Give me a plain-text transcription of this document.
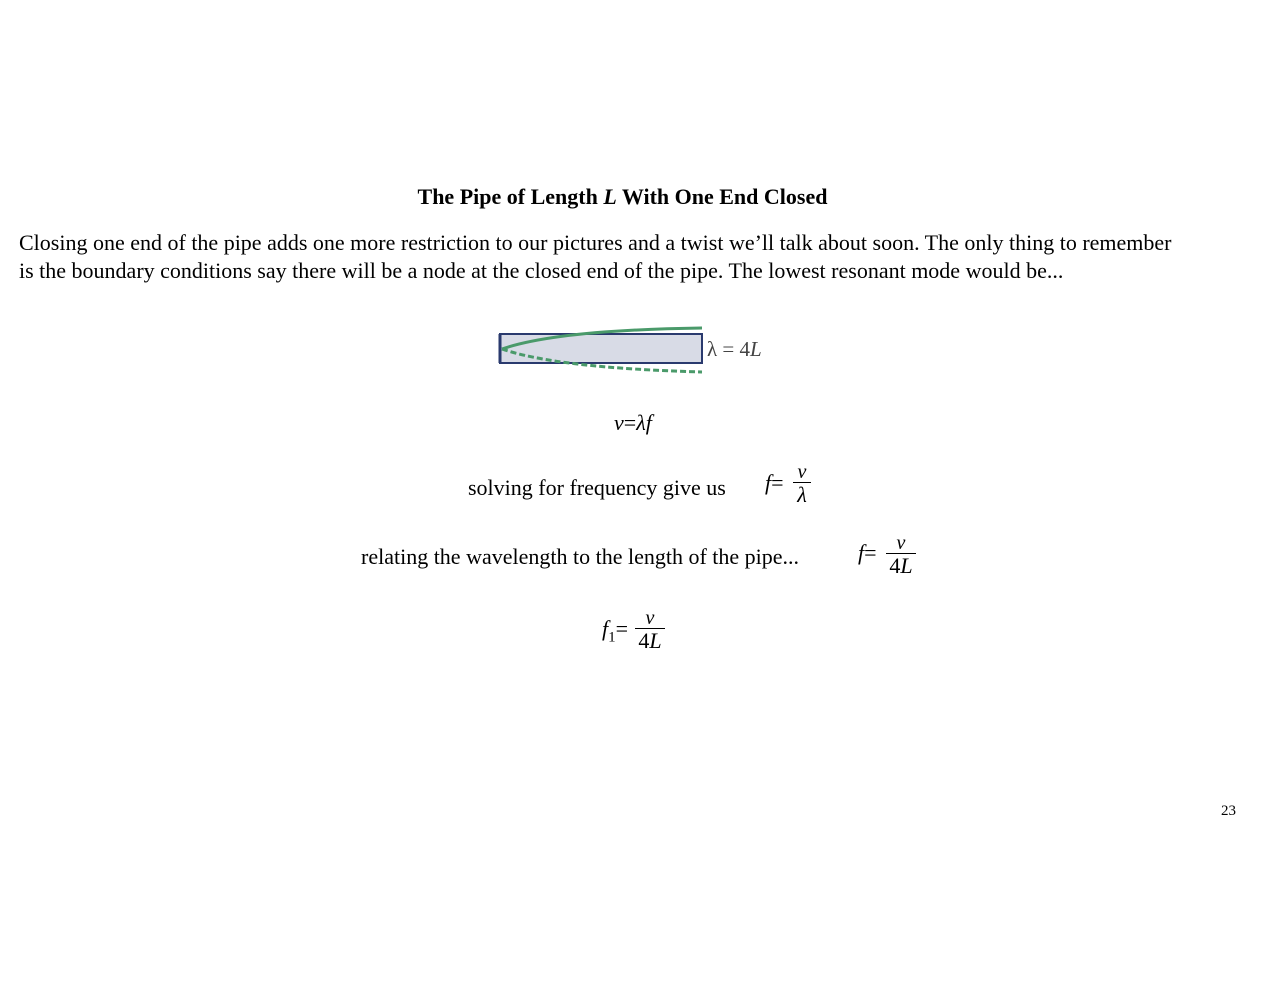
The Pipe of Length L With One End Closed

Closing one end of the pipe adds one more restriction to our pictures and a twist we’ll talk about soon. The only thing to remember

is the boundary conditions say there will be a node at the closed end of the pipe. The lowest resonant mode would be...

λ = 4L
v=λf
solving for frequency give us f= v
λ
relating the wavelength to the length of the pipe...	f=	v
4L
$f_1= v$
4L
23
